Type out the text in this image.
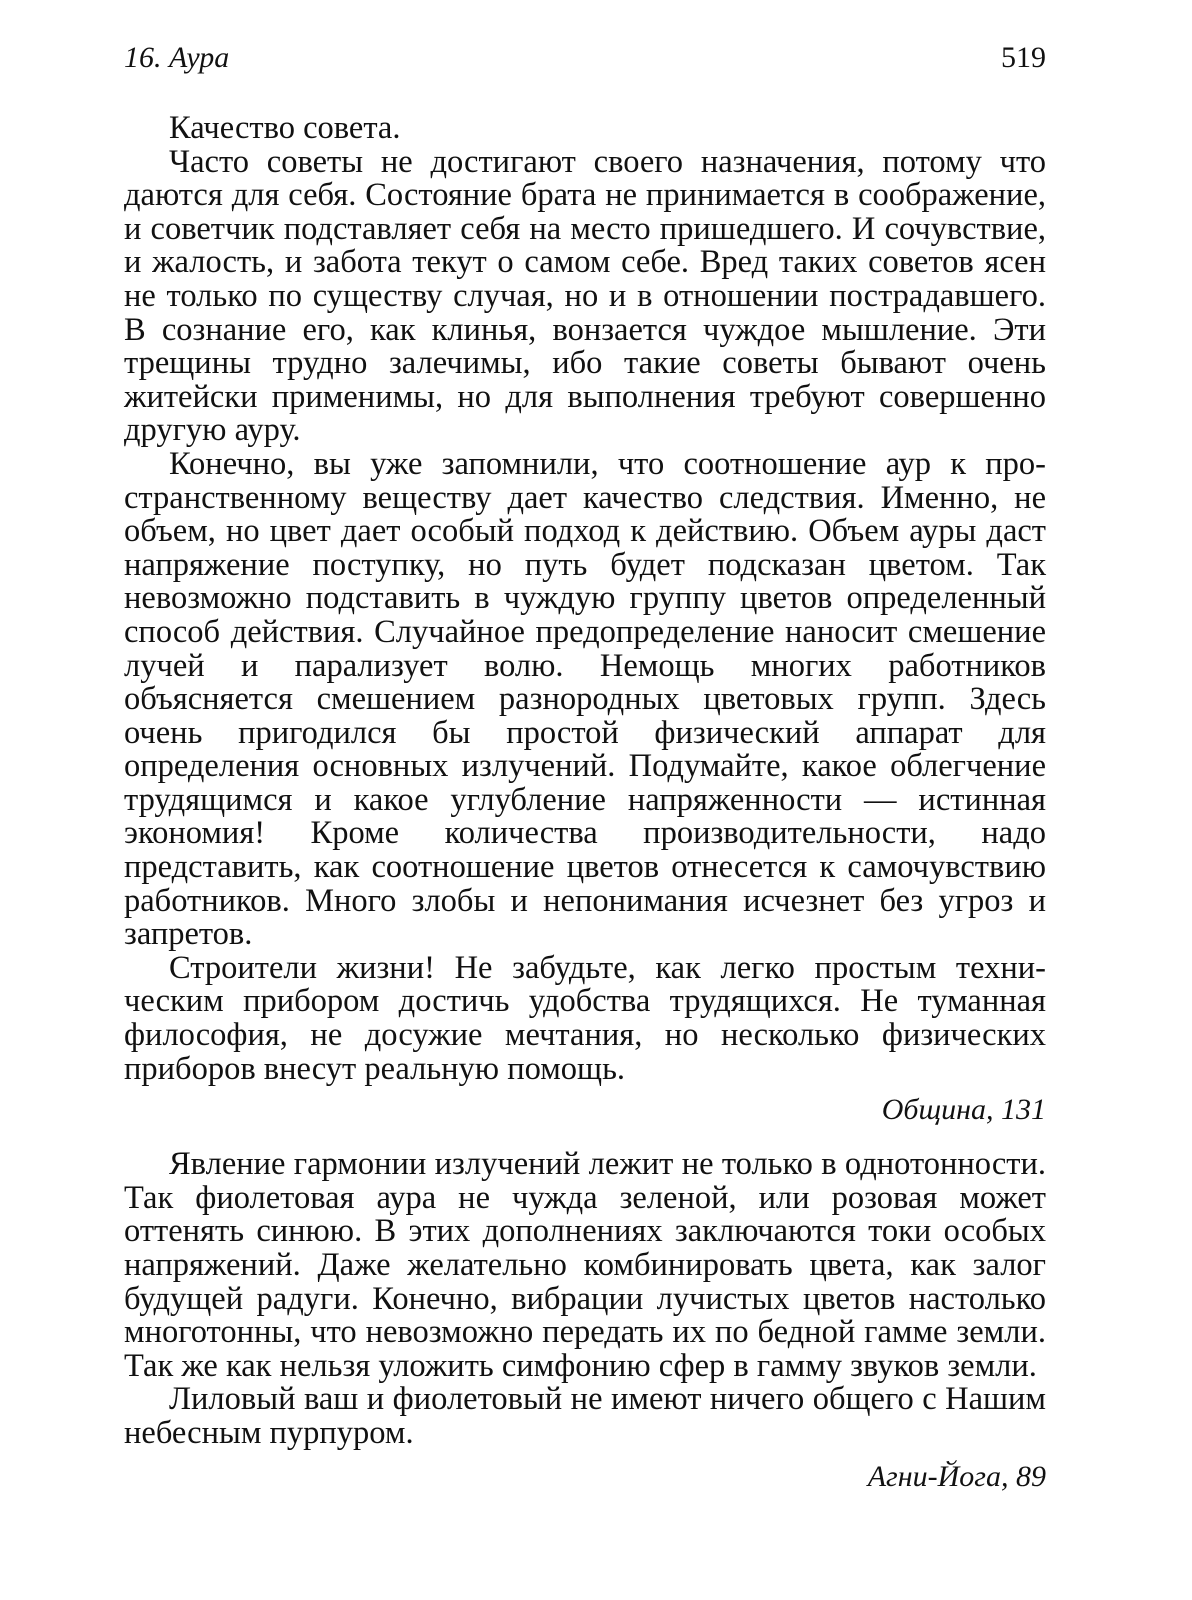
16. Аура	519

Качество совета.

Часто советы не достигают своего назначения, потому что даются для себя. Состояние брата не принимается в соображение, и советчик подставляет себя на место пришедшего. И сочувствие, и жалость, и забота текут о самом себе. Вред таких советов ясен не только по существу случая, но и в отношении пострадавшего. В сознание его, как клинья, вонзается чуждое мышление. Эти трещины трудно залечимы, ибо такие советы бывают очень житейски применимы, но для выполнения требуют совершенно другую ауру.

Конечно, вы уже запомнили, что соотношение аур к пространственному веществу дает качество следствия. Именно, не объем, но цвет дает особый подход к действию. Объем ауры даст напряжение поступку, но путь будет подсказан цветом. Так невозможно подставить в чуждую группу цветов определенный способ действия. Случайное предопределение наносит смешение лучей и парализует волю. Немощь многих работников объясняется смешением разнородных цветовых групп. Здесь очень пригодился бы простой физический аппарат для определения основных излучений. Подумайте, какое облегчение трудящимся и какое углубление напряженности — истинная экономия! Кроме количества производительности, надо представить, как соотношение цветов отнесется к самочувствию работников. Много злобы и непонимания исчезнет без угроз и запретов.

Строители жизни! Не забудьте, как легко простым техническим прибором достичь удобства трудящихся. Не туманная философия, не досужие мечтания, но несколько физических приборов внесут реальную помощь.

Община, 131

Явление гармонии излучений лежит не только в однотонности. Так фиолетовая аура не чужда зеленой, или розовая может оттенять синюю. В этих дополнениях заключаются токи особых напряжений. Даже желательно комбинировать цвета, как залог будущей радуги. Конечно, вибрации лучистых цветов настолько многотонны, что невозможно передать их по бедной гамме земли. Так же как нельзя уложить симфонию сфер в гамму звуков земли.

Лиловый ваш и фиолетовый не имеют ничего общего с Нашим небесным пурпуром.

Агни-Йога, 89
